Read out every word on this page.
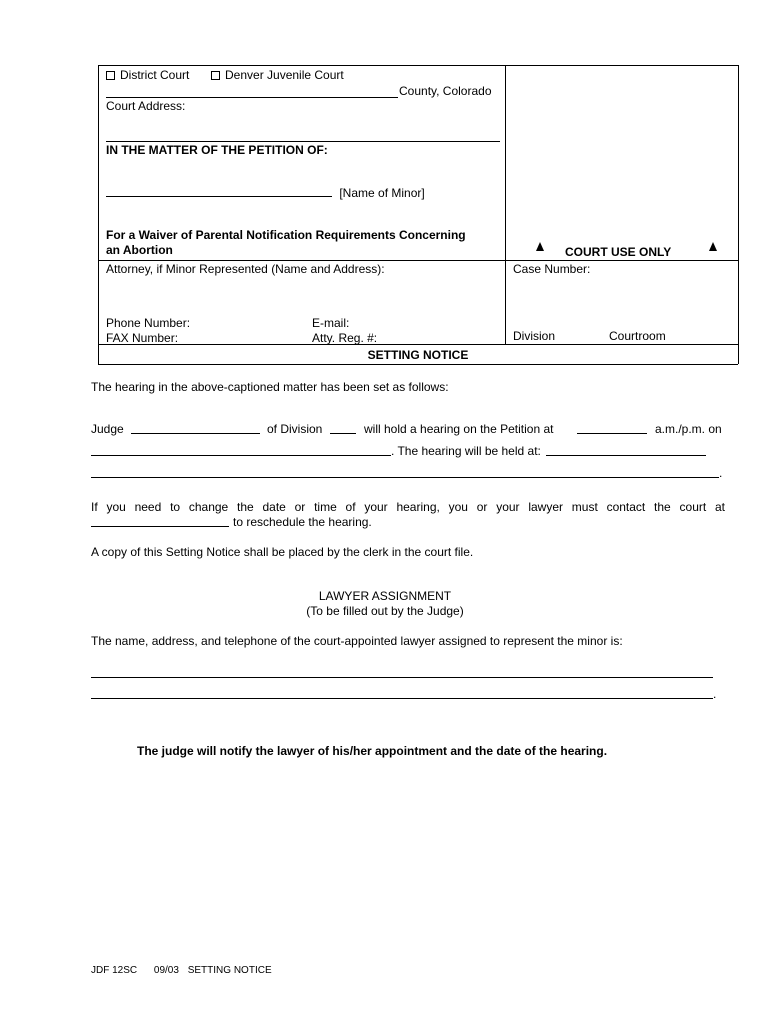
District Court	Denver Juvenile Court
County, Colorado
Court Address:
IN THE MATTER OF THE PETITION OF:
[Name of Minor]
For a Waiver of Parental Notification Requirements Concerning
an Abortion
Attorney, if Minor Represented (Name and Address):
Phone Number:	E-mail:
FAX Number:	Atty. Reg. #:
COURT USE ONLY
Case Number:
Division	Courtroom
SETTING NOTICE
The hearing in the above-captioned matter has been set as follows:
Judge	of Division	will hold a hearing on the Petition at	a.m./p.m. on
. The hearing will be held at:
.
If you need to change the date or time of your hearing, you or your lawyer must contact the court at
to reschedule the hearing.
A copy of this Setting Notice shall be placed by the clerk in the court file.
LAWYER ASSIGNMENT
(To be filled out by the Judge)
The name, address, and telephone of the court-appointed lawyer assigned to represent the minor is:
.
The judge will notify the lawyer of his/her appointment and the date of the hearing.
JDF 12SC 09/03 SETTING NOTICE
